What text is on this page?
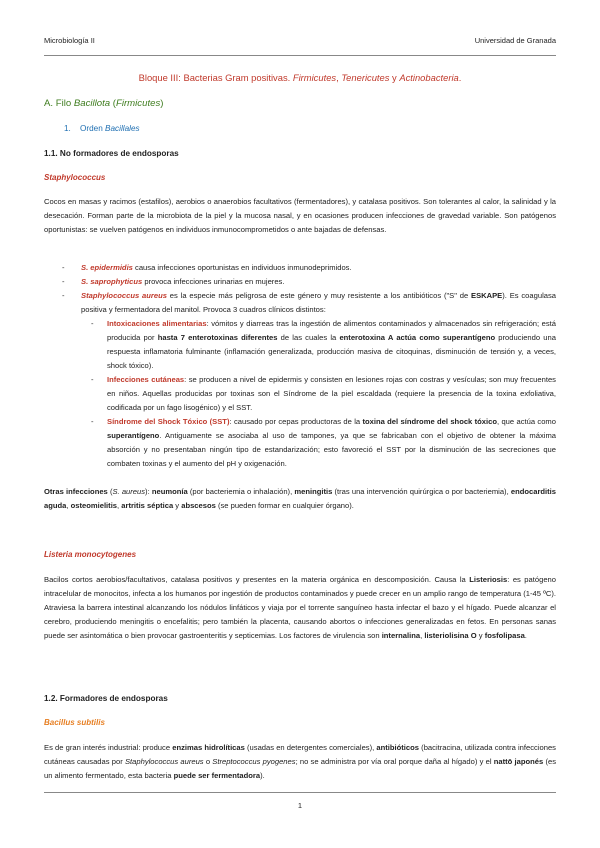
Microbiología II	Universidad de Granada
Bloque III: Bacterias Gram positivas. Firmicutes, Tenericutes y Actinobacteria.
A. Filo Bacillota (Firmicutes)
1. Orden Bacillales
1.1. No formadores de endosporas
Staphylococcus

Cocos en masas y racimos (estafilos), aerobios o anaerobios facultativos (fermentadores), y catalasa positivos. Son tolerantes al calor, la salinidad y la desecación. Forman parte de la microbiota de la piel y la mucosa nasal, y en ocasiones producen infecciones de gravedad variable. Son patógenos oportunistas: se vuelven patógenos en individuos inmunocomprometidos o ante bajadas de defensas.

- S. epidermidis causa infecciones oportunistas en individuos inmunodeprimidos.
- S. saprophyticus provoca infecciones urinarias en mujeres.
- Staphylococcus aureus es la especie más peligrosa de este género y muy resistente a los antibióticos ("S" de ESKAPE). Es coagulasa positiva y fermentadora del manitol. Provoca 3 cuadros clínicos distintos:
- Intoxicaciones alimentarias: vómitos y diarreas tras la ingestión de alimentos contaminados y almacenados sin refrigeración; está producida por hasta 7 enterotoxinas diferentes de las cuales la enterotoxina A actúa como superantígeno produciendo una respuesta inflamatoria fulminante (inflamación generalizada, producción masiva de citoquinas, disminución de tensión y, a veces, shock tóxico).
- Infecciones cutáneas: se producen a nivel de epidermis y consisten en lesiones rojas con costras y vesículas; son muy frecuentes en niños. Aquellas producidas por toxinas son el Síndrome de la piel escaldada (requiere la presencia de la toxina exfoliativa, codificada por un fago lisogénico) y el SST.
- Síndrome del Shock Tóxico (SST): causado por cepas productoras de la toxina del síndrome del shock tóxico, que actúa como superantígeno. Antiguamente se asociaba al uso de tampones, ya que se fabricaban con el objetivo de obtener la máxima absorción y no presentaban ningún tipo de estandarización; esto favoreció el SST por la disminución de las secreciones que combaten toxinas y el aumento del pH y oxigenación.

Otras infecciones (S. aureus): neumonía (por bacteriemia o inhalación), meningitis (tras una intervención quirúrgica o por bacteriemia), endocarditis aguda, osteomielitis, artritis séptica y abscesos (se pueden formar en cualquier órgano).

Listeria monocytogenes

Bacilos cortos aerobios/facultativos, catalasa positivos y presentes en la materia orgánica en descomposición. Causa la Listeriosis: es patógeno intracelular de monocitos, infecta a los humanos por ingestión de productos contaminados y puede crecer en un amplio rango de temperatura (1-45 ºC). Atraviesa la barrera intestinal alcanzando los nódulos linfáticos y viaja por el torrente sanguíneo hasta infectar el bazo y el hígado. Puede alcanzar el cerebro, produciendo meningitis o encefalitis; pero también la placenta, causando abortos o infecciones generalizadas en fetos. En personas sanas puede ser asintomática o bien provocar gastroenteritis y septicemias. Los factores de virulencia son internalina, listeriolisina O y fosfolipasa.

1.2. Formadores de endosporas
Bacillus subtilis

Es de gran interés industrial: produce enzimas hidrolíticas (usadas en detergentes comerciales), antibióticos (bacitracina, utilizada contra infecciones cutáneas causadas por Staphylococcus aureus o Streptococcus pyogenes; no se administra por vía oral porque daña al hígado) y el nattō japonés (es un alimento fermentado, esta bacteria puede ser fermentadora).

1
